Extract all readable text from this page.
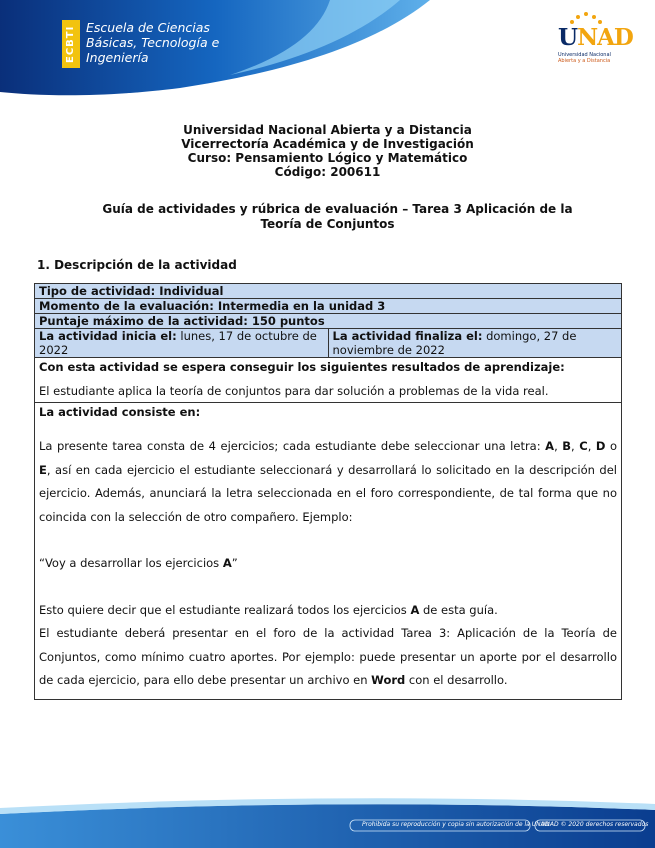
ECBTI Escuela de Ciencias
Básicas, Tecnología e
Ingeniería
UNAD
Universidad Nacional
Abierta y a Distancia
Universidad Nacional Abierta y a Distancia
Vicerrectoría Académica y de Investigación
Curso: Pensamiento Lógico y Matemático
Código: 200611
Guía de actividades y rúbrica de evaluación – Tarea 3 Aplicación de la
Teoría de Conjuntos
1. Descripción de la actividad
Tipo de actividad: Individual
Momento de la evaluación: Intermedia en la unidad 3
Puntaje máximo de la actividad: 150 puntos
La actividad inicia el: lunes, 17 de octubre de 2022
La actividad finaliza el: domingo, 27 de noviembre de 2022
Con esta actividad se espera conseguir los siguientes resultados de aprendizaje:
El estudiante aplica la teoría de conjuntos para dar solución a problemas de la vida real.
La actividad consiste en:
La presente tarea consta de 4 ejercicios; cada estudiante debe seleccionar una letra: A, B, C, D o E, así en cada ejercicio el estudiante seleccionará y desarrollará lo solicitado en la descripción del ejercicio. Además, anunciará la letra seleccionada en el foro correspondiente, de tal forma que no coincida con la selección de otro compañero. Ejemplo:
“Voy a desarrollar los ejercicios A”
Esto quiere decir que el estudiante realizará todos los ejercicios A de esta guía.
El estudiante deberá presentar en el foro de la actividad Tarea 3: Aplicación de la Teoría de Conjuntos, como mínimo cuatro aportes. Por ejemplo: puede presentar un aporte por el desarrollo de cada ejercicio, para ello debe presentar un archivo en Word con el desarrollo.
Prohibida su reproducción y copia sin autorización de la UNAD.
UNAD © 2020 derechos reservados
